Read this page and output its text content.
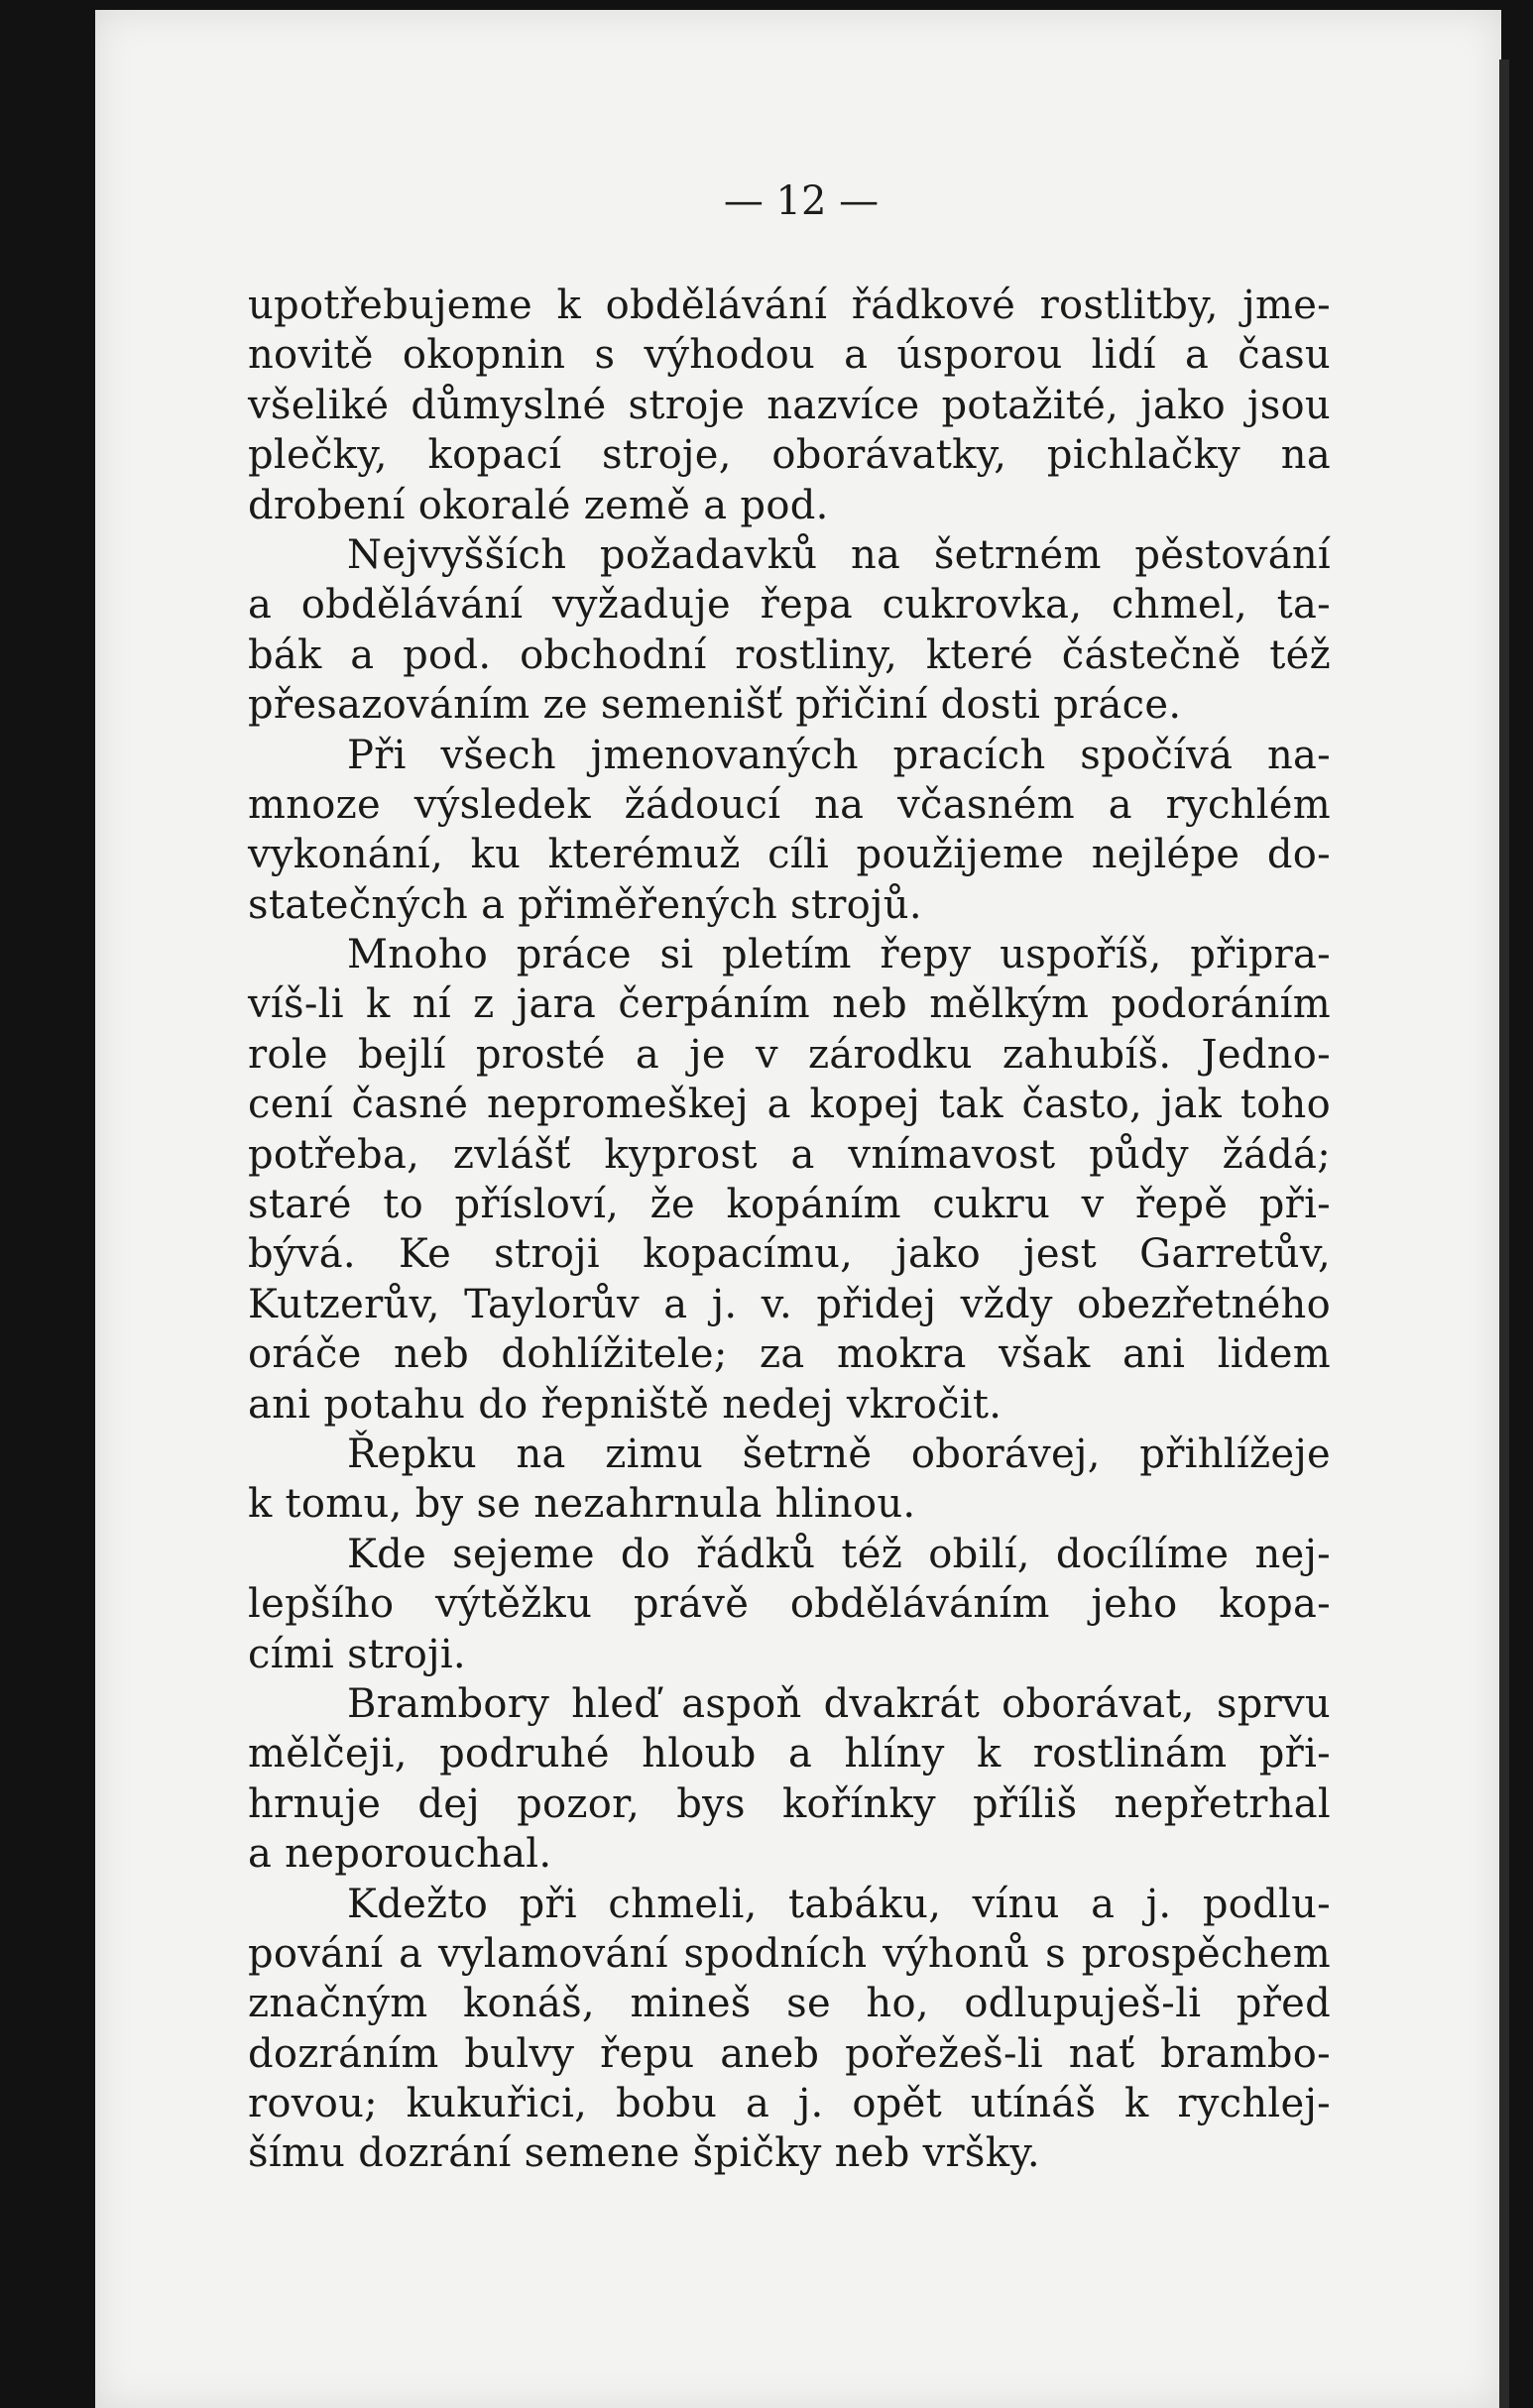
— 12 —
upotřebujeme k obdělávání řádkové rostlitby, jme-
novitě okopnin s výhodou a úsporou lidí a času
všeliké důmyslné stroje nazvíce potažité, jako jsou
plečky, kopací stroje, oborávatky, pichlačky na
drobení okoralé země a pod.
Nejvyšších požadavků na šetrném pěstování
a obdělávání vyžaduje řepa cukrovka, chmel, ta-
bák a pod. obchodní rostliny, které částečně též
přesazováním ze semenišť přičiní dosti práce.
Při všech jmenovaných pracích spočívá na-
mnoze výsledek žádoucí na včasném a rychlém
vykonání, ku kterémuž cíli použijeme nejlépe do-
statečných a přiměřených strojů.
Mnoho práce si pletím řepy uspoříš, připra-
víš-li k ní z jara čerpáním neb mělkým podoráním
role bejlí prosté a je v zárodku zahubíš. Jedno-
cení časné nepromeškej a kopej tak často, jak toho
potřeba, zvlášť kyprost a vnímavost půdy žádá;
staré to přísloví, že kopáním cukru v řepě při-
bývá. Ke stroji kopacímu, jako jest Garretův,
Kutzerův, Taylorův a j. v. přidej vždy obezřetného
oráče neb dohlížitele; za mokra však ani lidem
ani potahu do řepniště nedej vkročit.
Řepku na zimu šetrně oborávej, přihlížeje
k tomu, by se nezahrnula hlinou.
Kde sejeme do řádků též obilí, docílíme nej-
lepšího výtěžku právě obděláváním jeho kopa-
cími stroji.
Brambory hleď aspoň dvakrát oborávat, sprvu
mělčeji, podruhé hloub a hlíny k rostlinám při-
hrnuje dej pozor, bys kořínky příliš nepřetrhal
a neporouchal.
Kdežto při chmeli, tabáku, vínu a j. podlu-
pování a vylamování spodních výhonů s prospěchem
značným konáš, mineš se ho, odlupuješ-li před
dozráním bulvy řepu aneb pořežeš-li nať brambo-
rovou; kukuřici, bobu a j. opět utínáš k rychlej-
šímu dozrání semene špičky neb vršky.
